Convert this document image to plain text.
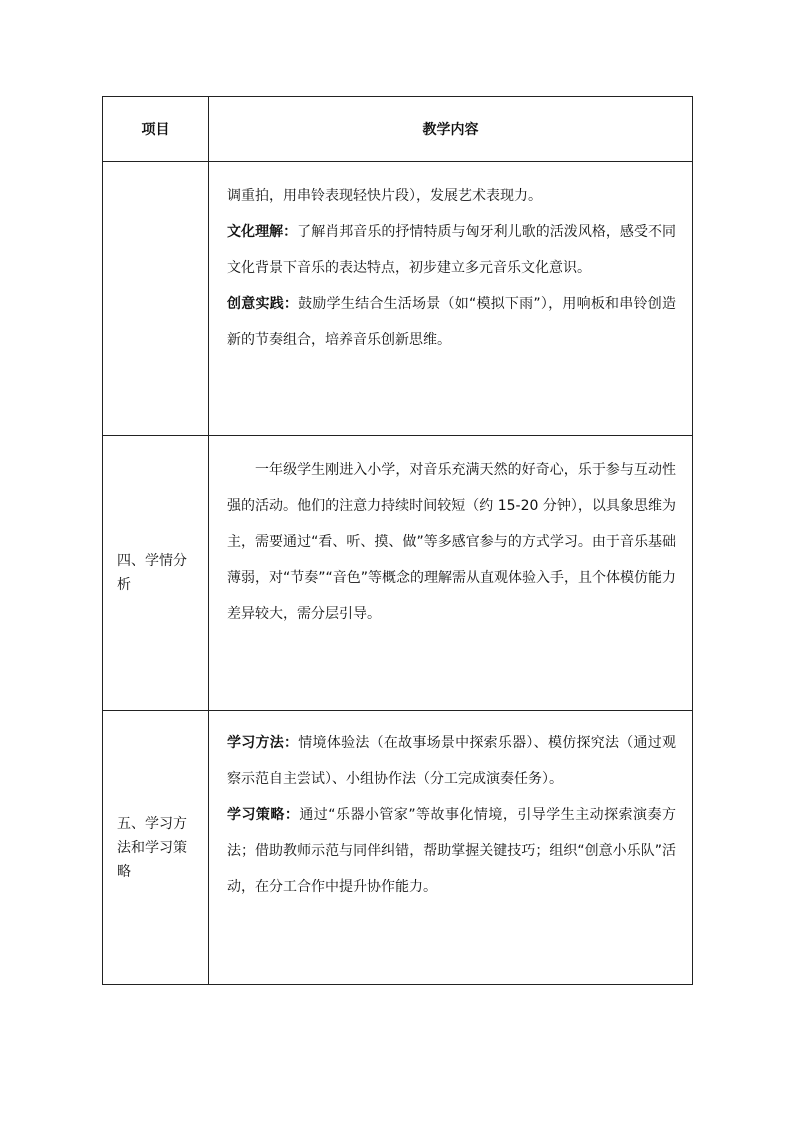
项目	教学内容

	调重拍，用串铃表现轻快片段），发展艺术表现力。

文化理解：了解肖邦音乐的抒情特质与匈牙利儿歌的活泼风格，感受不同文化背景下音乐的表达特点，初步建立多元音乐文化意识。

创意实践：鼓励学生结合生活场景（如“模拟下雨”），用响板和串铃创造新的节奏组合，培养音乐创新思维。

四、学情分析	一年级学生刚进入小学，对音乐充满天然的好奇心，乐于参与互动性强的活动。他们的注意力持续时间较短（约 15-20 分钟），以具象思维为主，需要通过“看、听、摸、做”等多感官参与的方式学习。由于音乐基础薄弱，对“节奏”“音色”等概念的理解需从直观体验入手，且个体模仿能力差异较大，需分层引导。

五、学习方法和学习策略	学习方法：情境体验法（在故事场景中探索乐器）、模仿探究法（通过观察示范自主尝试）、小组协作法（分工完成演奏任务）。

学习策略：通过“乐器小管家”等故事化情境，引导学生主动探索演奏方法；借助教师示范与同伴纠错，帮助掌握关键技巧；组织“创意小乐队”活动，在分工合作中提升协作能力。
